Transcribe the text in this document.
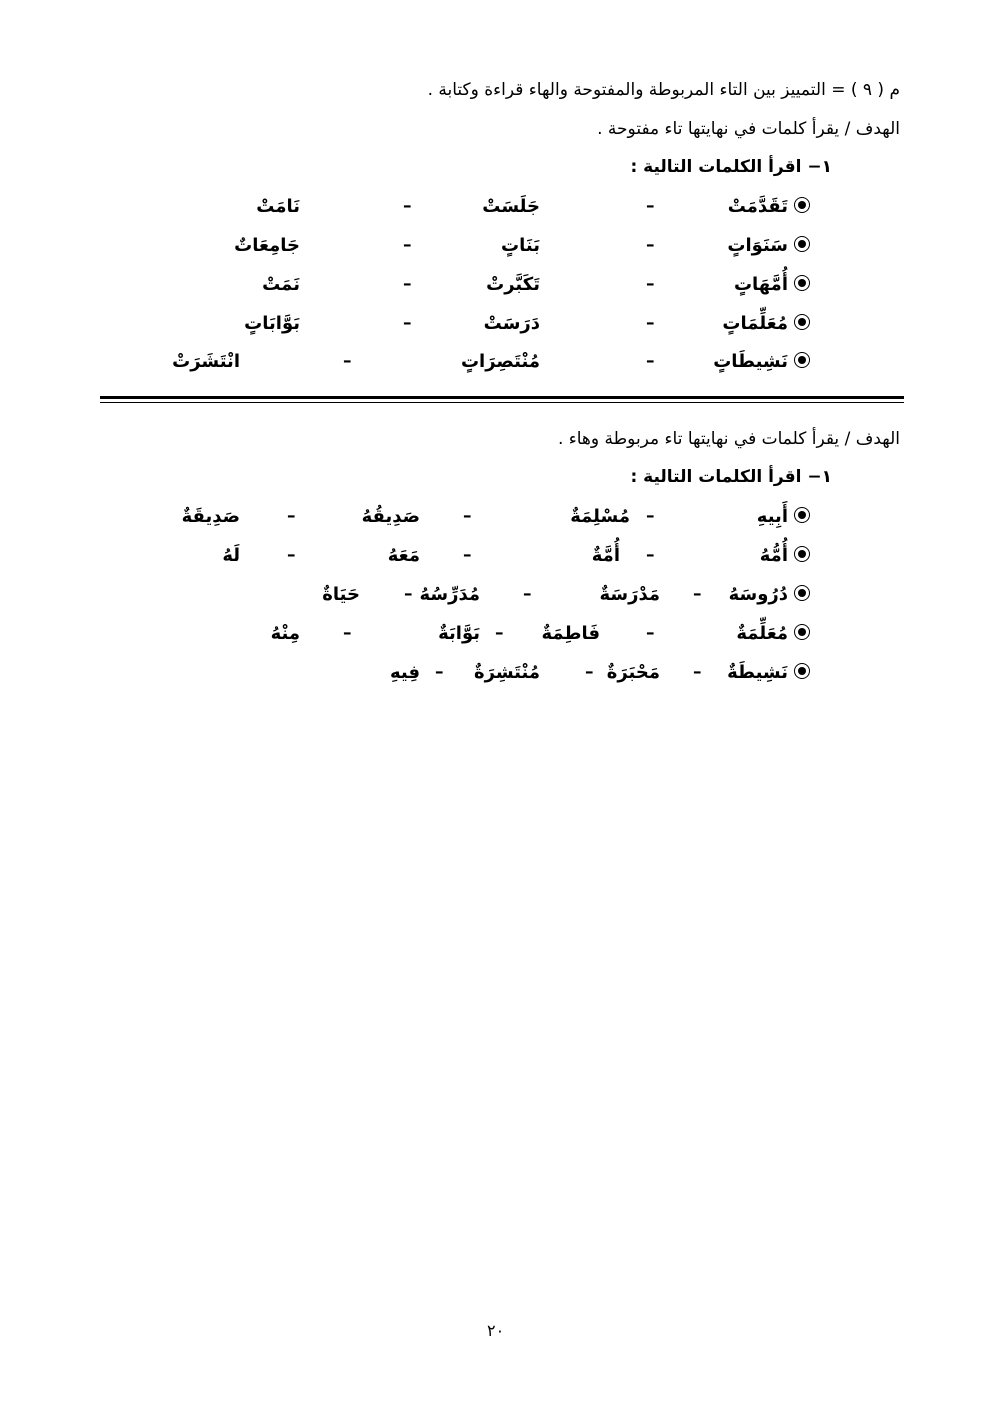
م ( ٩ ) = التمييز بين التاء المربوطة والمفتوحة والهاء قراءة وكتابة .
الهدف / يقرأ كلمات في نهايتها تاء مفتوحة .
١− اقرأ الكلمات التالية :
تَقَدَّمَتْ
–
جَلَسَتْ
–
نَامَتْ
سَنَوَاتٍ
–
بَنَاتٍ
–
جَامِعَاتٌ
أُمَّهَاتٍ
–
تَكَبَّرتْ
–
نَمَتْ
مُعَلِّمَاتٍ
–
دَرَسَتْ
–
بَوَّابَاتٍ
نَشِيطَاتٍ
–
مُنْتَصِرَاتٍ
–
انْتَشَرَتْ
الهدف / يقرأ كلمات في نهايتها تاء مربوطة وهاء .
١− اقرأ الكلمات التالية :
أَبِيهِ
–
مُسْلِمَةٌ
–
صَدِيقُهُ
–
صَدِيقَةٌ
أُمُّهُ
–
أُمَّةٌ
–
مَعَهُ
–
لَهُ
دُرُوسَهُ
–
مَدْرَسَةٌ
–
مُدَرِّسُهُ
–
حَيَاةٌ
مُعَلِّمَةٌ
–
فَاطِمَةٌ
–
بَوَّابَةٌ
–
مِنْهُ
نَشِيطَةٌ
–
مَحْبَرَةٌ
–
مُنْتَشِرَةٌ
–
فِيهِ
٢٠
